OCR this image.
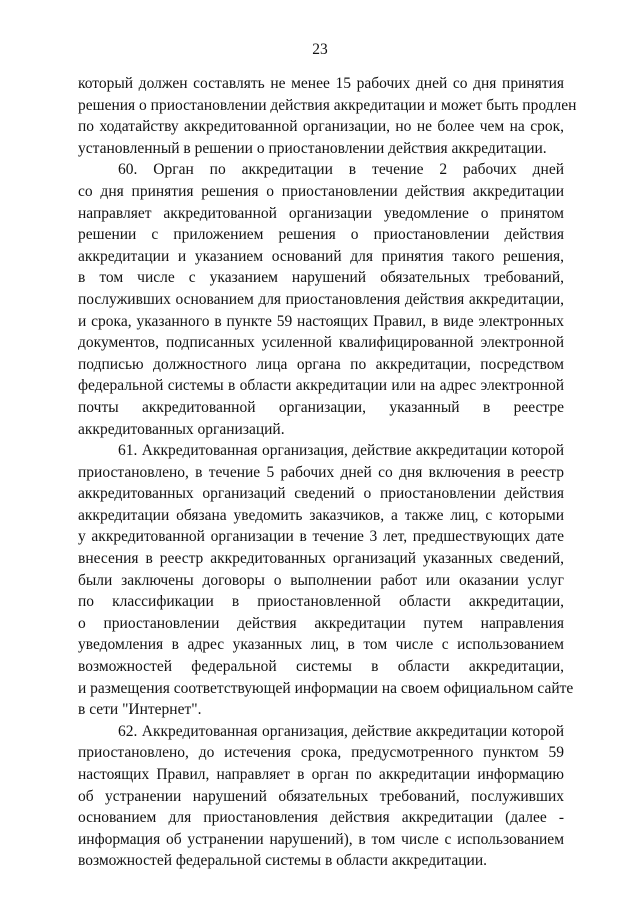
23
который должен составлять не менее 15 рабочих дней со дня принятия
решения о приостановлении действия аккредитации и может быть продлен
по ходатайству аккредитованной организации, но не более чем на срок,
установленный в решении о приостановлении действия аккредитации.
60. Орган по аккредитации в течение 2 рабочих дней
со дня принятия решения о приостановлении действия аккредитации
направляет аккредитованной организации уведомление о принятом
решении с приложением решения о приостановлении действия
аккредитации и указанием оснований для принятия такого решения,
в том числе с указанием нарушений обязательных требований,
послуживших основанием для приостановления действия аккредитации,
и срока, указанного в пункте 59 настоящих Правил, в виде электронных
документов, подписанных усиленной квалифицированной электронной
подписью должностного лица органа по аккредитации, посредством
федеральной системы в области аккредитации или на адрес электронной
почты аккредитованной организации, указанный в реестре
аккредитованных организаций.
61. Аккредитованная организация, действие аккредитации которой
приостановлено, в течение 5 рабочих дней со дня включения в реестр
аккредитованных организаций сведений о приостановлении действия
аккредитации обязана уведомить заказчиков, а также лиц, с которыми
у аккредитованной организации в течение 3 лет, предшествующих дате
внесения в реестр аккредитованных организаций указанных сведений,
были заключены договоры о выполнении работ или оказании услуг
по классификации в приостановленной области аккредитации,
о приостановлении действия аккредитации путем направления
уведомления в адрес указанных лиц, в том числе с использованием
возможностей федеральной системы в области аккредитации,
и размещения соответствующей информации на своем официальном сайте
в сети "Интернет".
62. Аккредитованная организация, действие аккредитации которой
приостановлено, до истечения срока, предусмотренного пунктом 59
настоящих Правил, направляет в орган по аккредитации информацию
об устранении нарушений обязательных требований, послуживших
основанием для приостановления действия аккредитации (далее -
информация об устранении нарушений), в том числе с использованием
возможностей федеральной системы в области аккредитации.
